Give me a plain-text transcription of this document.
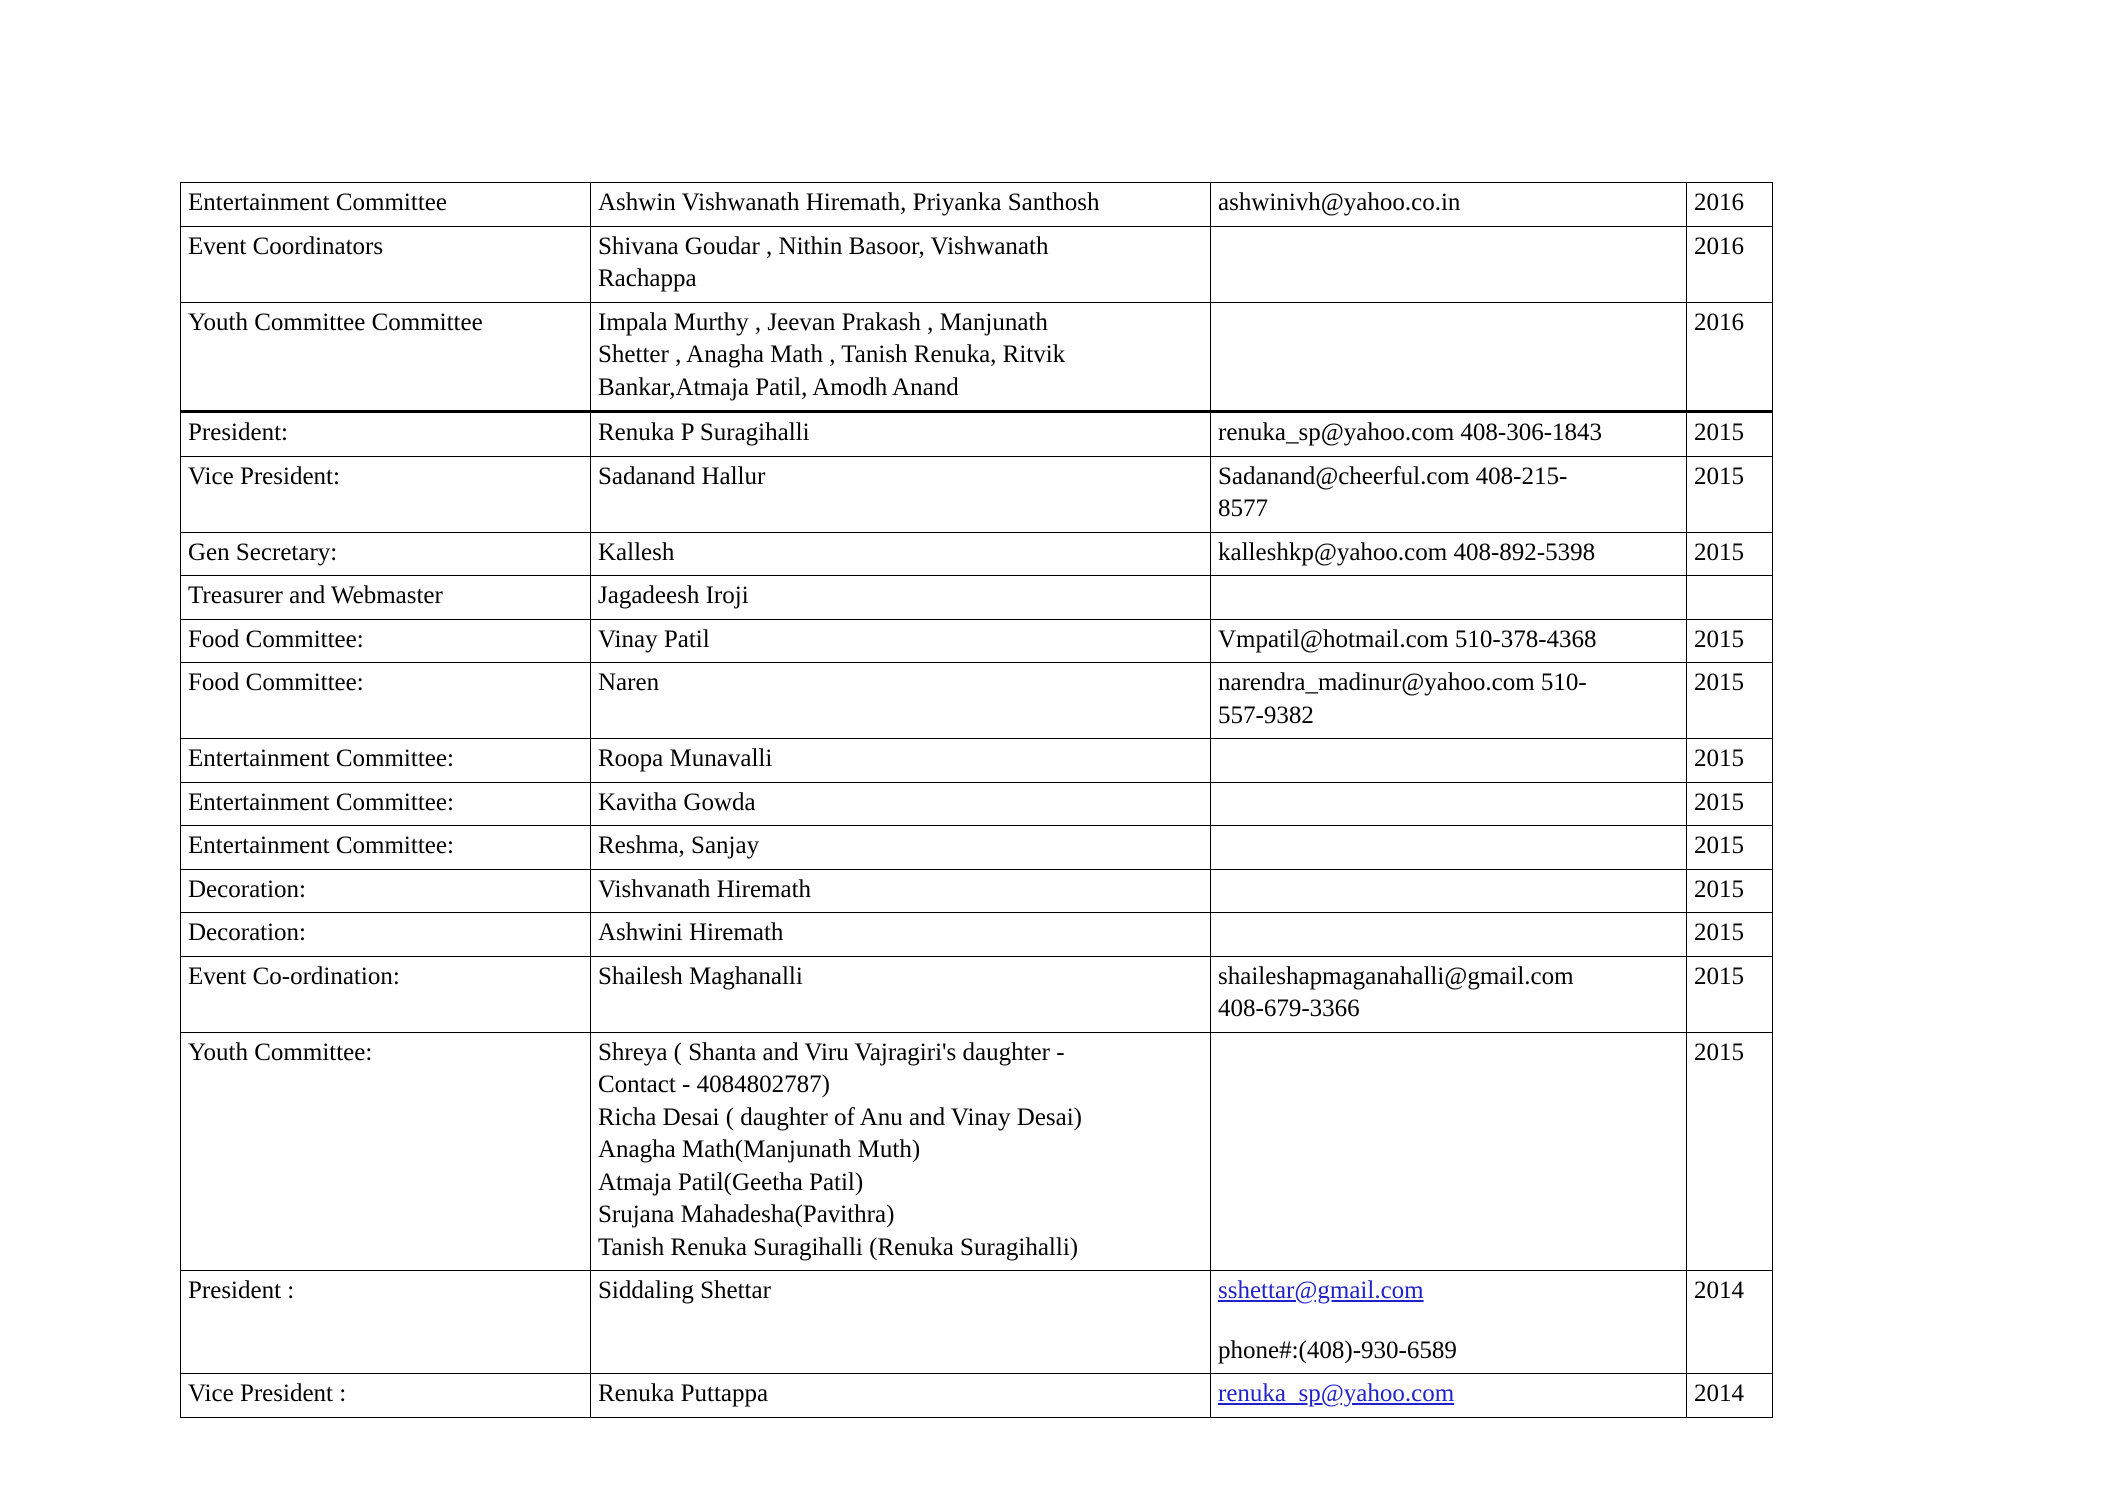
Entertainment Committee	Ashwin Vishwanath Hiremath, Priyanka Santhosh	ashwinivh@yahoo.co.in	2016
Event Coordinators	Shivana Goudar , Nithin Basoor, Vishwanath
Rachappa		2016
Youth Committee Committee	Impala Murthy , Jeevan Prakash , Manjunath
Shetter , Anagha Math , Tanish Renuka, Ritvik
Bankar,Atmaja Patil, Amodh Anand		2016
President:	Renuka P Suragihalli	renuka_sp@yahoo.com 408-306-1843	2015
Vice President:	Sadanand Hallur	Sadanand@cheerful.com 408-215-
8577	2015
Gen Secretary:	Kallesh	kalleshkp@yahoo.com 408-892-5398	2015
Treasurer and Webmaster	Jagadeesh Iroji		

Food Committee:	Vinay Patil	Vmpatil@hotmail.com 510-378-4368	2015
Food Committee:	Naren	narendra_madinur@yahoo.com 510-
557-9382	2015
Entertainment Committee:	Roopa Munavalli		2015
Entertainment Committee:	Kavitha Gowda		2015
Entertainment Committee:	Reshma, Sanjay		2015
Decoration:	Vishvanath Hiremath		2015
Decoration:	Ashwini Hiremath		2015
Event Co-ordination:	Shailesh Maghanalli	shaileshapmaganahalli@gmail.com
408-679-3366	2015
Youth Committee:	Shreya ( Shanta and Viru Vajragiri's daughter -
Contact - 4084802787)
Richa Desai ( daughter of Anu and Vinay Desai)
Anagha Math(Manjunath Muth)
Atmaja Patil(Geetha Patil)
Srujana Mahadesha(Pavithra)
Tanish Renuka Suragihalli (Renuka Suragihalli)
		2015
President :	Siddaling Shettar	sshettar@gmail.com
phone#:(408)-930-6589	2014
Vice President :	Renuka Puttappa	renuka_sp@yahoo.com	2014
